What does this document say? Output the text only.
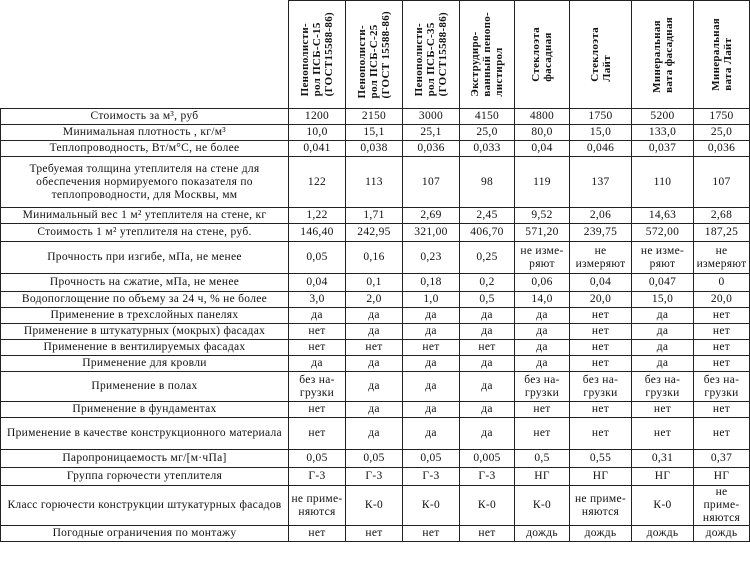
	Пенополисти-
рол ПСБ-С-15
(ГОСТ15588-86)	Пенополисти-
рол ПСБ-С-25
(ГОСТ 15588-86)	Пенополисти-
рол ПСБ-С-35
(ГОСТ15588-86)	Экструдиро-
ванный пенопо-
листирол	Стеклоэта
фасадная	Стеклоэта
Лайт	Минеральная
вата фасадная	Минеральная
вата Лайт

Стоимость за м³, руб	1200	2150	3000	4150	4800	1750	5200	1750
Минимальная плотность , кг/м³	10,0	15,1	25,1	25,0	80,0	15,0	133,0	25,0
Теплопроводность, Вт/м°С, не более	0,041	0,038	0,036	0,033	0,04	0,046	0,037	0,036
Требуемая толщина утеплителя на стене для обеспечения нормируемого показателя по теплопроводности, для Москвы, мм	122	113	107	98	119	137	110	107
Минимальный вес 1 м² утеплителя на стене, кг	1,22	1,71	2,69	2,45	9,52	2,06	14,63	2,68
Стоимость 1 м² утеплителя на стене, руб.	146,40	242,95	321,00	406,70	571,20	239,75	572,00	187,25
Прочность при изгибе, мПа, не менее	0,05	0,16	0,23	0,25	не изме-
ряют	не измеряют	не изме-
ряют	не измеряют
Прочность на сжатие, мПа, не менее	0,04	0,1	0,18	0,2	0,06	0,04	0,047	0
Водопоглощение по объему за 24 ч, % не более	3,0	2,0	1,0	0,5	14,0	20,0	15,0	20,0
Применение в трехслойных панелях	да	да	да	да	да	нет	да	нет
Применение в штукатурных (мокрых) фасадах	нет	да	да	да	да	нет	да	нет
Применение в вентилируемых фасадах	нет	нет	нет	нет	да	нет	да	нет
Применение для кровли	да	да	да	да	да	нет	да	нет
Применение в полах	без на-
грузки	да	да	да	без на-
грузки	без на-
грузки	без на-
грузки	без на-
грузки
Применение в фундаментах	нет	да	да	да	нет	нет	нет	нет
Применение в качестве конструкционного материала	нет	да	да	да	нет	нет	нет	нет
Паропроницаемость мг/[м·чПа]	0,05	0,05	0,05	0,005	0,5	0,55	0,31	0,37
Группа горючести утеплителя	Г-3	Г-3	Г-3	Г-3	НГ	НГ	НГ	НГ
Класс горючести конструкции штукатурных фасадов	не приме-
няются	К-0	К-0	К-0	К-0	не приме-
няются	К-0	не приме-
няются
Погодные ограничения по монтажу	нет	нет	нет	нет	дождь	дождь	дождь	дождь
